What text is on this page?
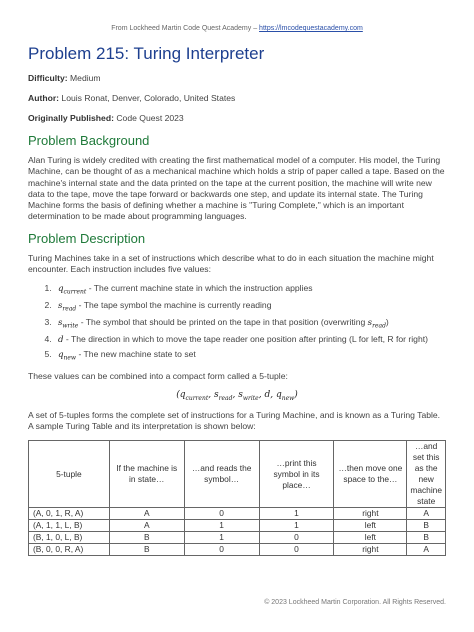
From Lockheed Martin Code Quest Academy – https://lmcodequestacademy.com
Problem 215: Turing Interpreter
Difficulty: Medium
Author: Louis Ronat, Denver, Colorado, United States
Originally Published: Code Quest 2023
Problem Background

Alan Turing is widely credited with creating the first mathematical model of a computer. His model, the Turing Machine, can be thought of as a mechanical machine which holds a strip of paper called a tape. Based on the machine's internal state and the data printed on the tape at the current position, the machine will write new data to the tape, move the tape forward or backwards one step, and update its internal state. The Turing Machine forms the basis of defining whether a machine is "Turing Complete," which is an important determination to be made about programming languages.

Problem Description

Turing Machines take in a set of instructions which describe what to do in each situation the machine might encounter. Each instruction includes five values:

1. $q_{current}$ - The current machine state in which the instruction applies
2. $s_{read}$ - The tape symbol the machine is currently reading
3. $s_{write}$ - The symbol that should be printed on the tape in that position (overwriting $s_{read}$)
4. d - The direction in which to move the tape reader one position after printing (L for left, R for right)
5. $q_{new}$ - The new machine state to set

These values can be combined into a compact form called a 5-tuple:

($q_{current}$, $s_{read}$, $s_{write}$, d, $q_{new}$)

A set of 5-tuples forms the complete set of instructions for a Turing Machine, and is known as a Turing Table. A sample Turing Table and its interpretation is shown below:

5-tuple	If the machine is in state…	…and reads the symbol…	…print this symbol in its place…	…then move one space to the…	…and set this as the new machine state
(A, 0, 1, R, A)	A	0	1	right	A
(A, 1, 1, L, B)	A	1	1	left	B
(B, 1, 0, L, B)	B	1	0	left	B
(B, 0, 0, R, A)	B	0	0	right	A
© 2023 Lockheed Martin Corporation. All Rights Reserved.
